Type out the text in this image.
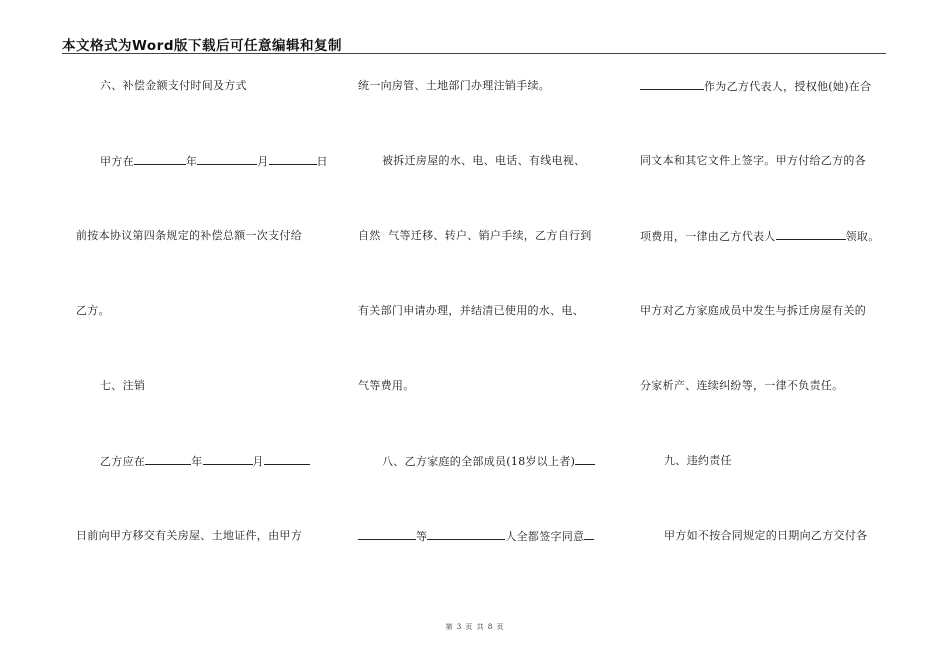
本文格式为Word版下载后可任意编辑和复制
六、补偿金额支付时间及方式
甲方在	年	月	日
前按本协议第四条规定的补偿总额一次支付给
乙方。
七、注销
乙方应在	年	月
日前向甲方移交有关房屋、土地证件，由甲方
统一向房管、土地部门办理注销手续。
被拆迁房屋的水、电、电话、有线电视、
自然  气等迁移、转户、销户手续，乙方自行到
有关部门申请办理，并结清已使用的水、电、
气等费用。
八、乙方家庭的全部成员(18岁以上者)
等	人全都签字同意
作为乙方代表人，授权他(她)在合
同文本和其它文件上签字。甲方付给乙方的各
项费用，一律由乙方代表人	领取。
甲方对乙方家庭成员中发生与拆迁房屋有关的
分家析产、连续纠纷等，一律不负责任。
九、违约责任
甲方如不按合同规定的日期向乙方交付各
第 3 页 共 8 页
